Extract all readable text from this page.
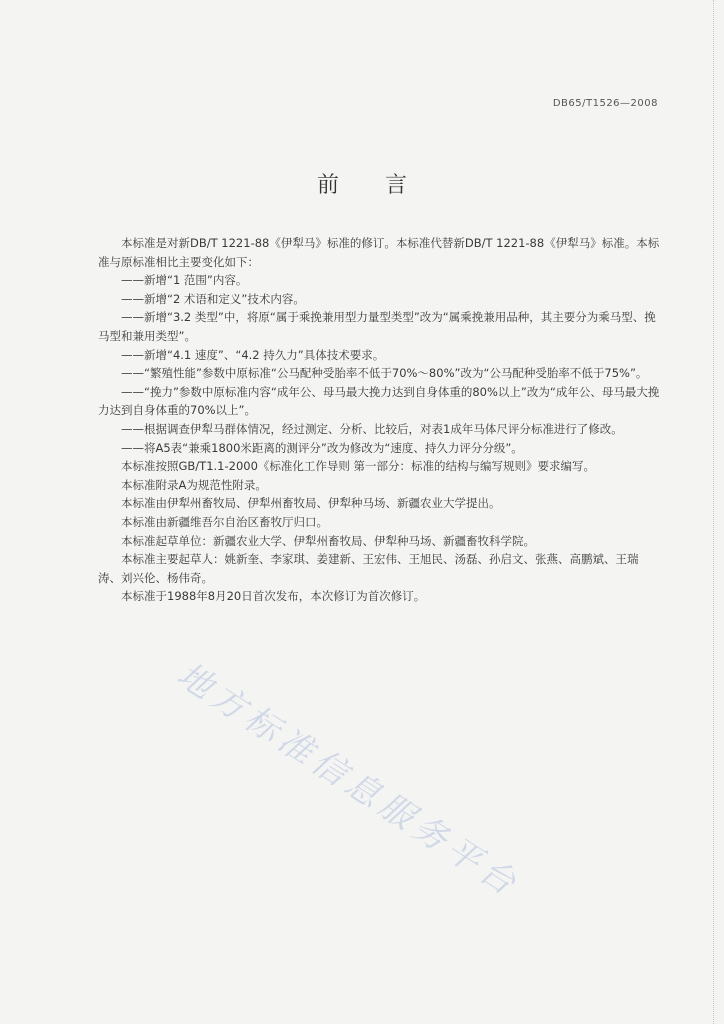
DB65/T1526—2008
前言

本标准是对新DB/T 1221-88《伊犁马》标准的修订。本标准代替新DB/T 1221-88《伊犁马》标准。本标准与原标准相比主要变化如下：

——新增“1 范围”内容。

——新增“2 术语和定义”技术内容。

——新增“3.2 类型”中，将原“属于乘挽兼用型力量型类型”改为“属乘挽兼用品种，其主要分为乘马型、挽马型和兼用类型”。

——新增“4.1 速度”、“4.2 持久力”具体技术要求。

——“繁殖性能”参数中原标准“公马配种受胎率不低于70%～80%”改为“公马配种受胎率不低于75%”。

——“挽力”参数中原标准内容“成年公、母马最大挽力达到自身体重的80%以上”改为“成年公、母马最大挽力达到自身体重的70%以上”。

——根据调查伊犁马群体情况，经过测定、分析、比较后，对表1成年马体尺评分标准进行了修改。

——将A5表“兼乘1800米距离的测评分”改为修改为“速度、持久力评分分级”。

本标准按照GB/T1.1-2000《标准化工作导则 第一部分：标准的结构与编写规则》要求编写。

本标准附录A为规范性附录。

本标准由伊犁州畜牧局、伊犁州畜牧局、伊犁种马场、新疆农业大学提出。

本标准由新疆维吾尔自治区畜牧厅归口。

本标准起草单位：新疆农业大学、伊犁州畜牧局、伊犁种马场、新疆畜牧科学院。

本标准主要起草人：姚新奎、李家琪、姜建新、王宏伟、王旭民、汤磊、孙启文、张燕、高鹏斌、王瑞涛、刘兴伦、杨伟奇。

本标准于1988年8月20日首次发布，本次修订为首次修订。

地方标准信息服务平台
